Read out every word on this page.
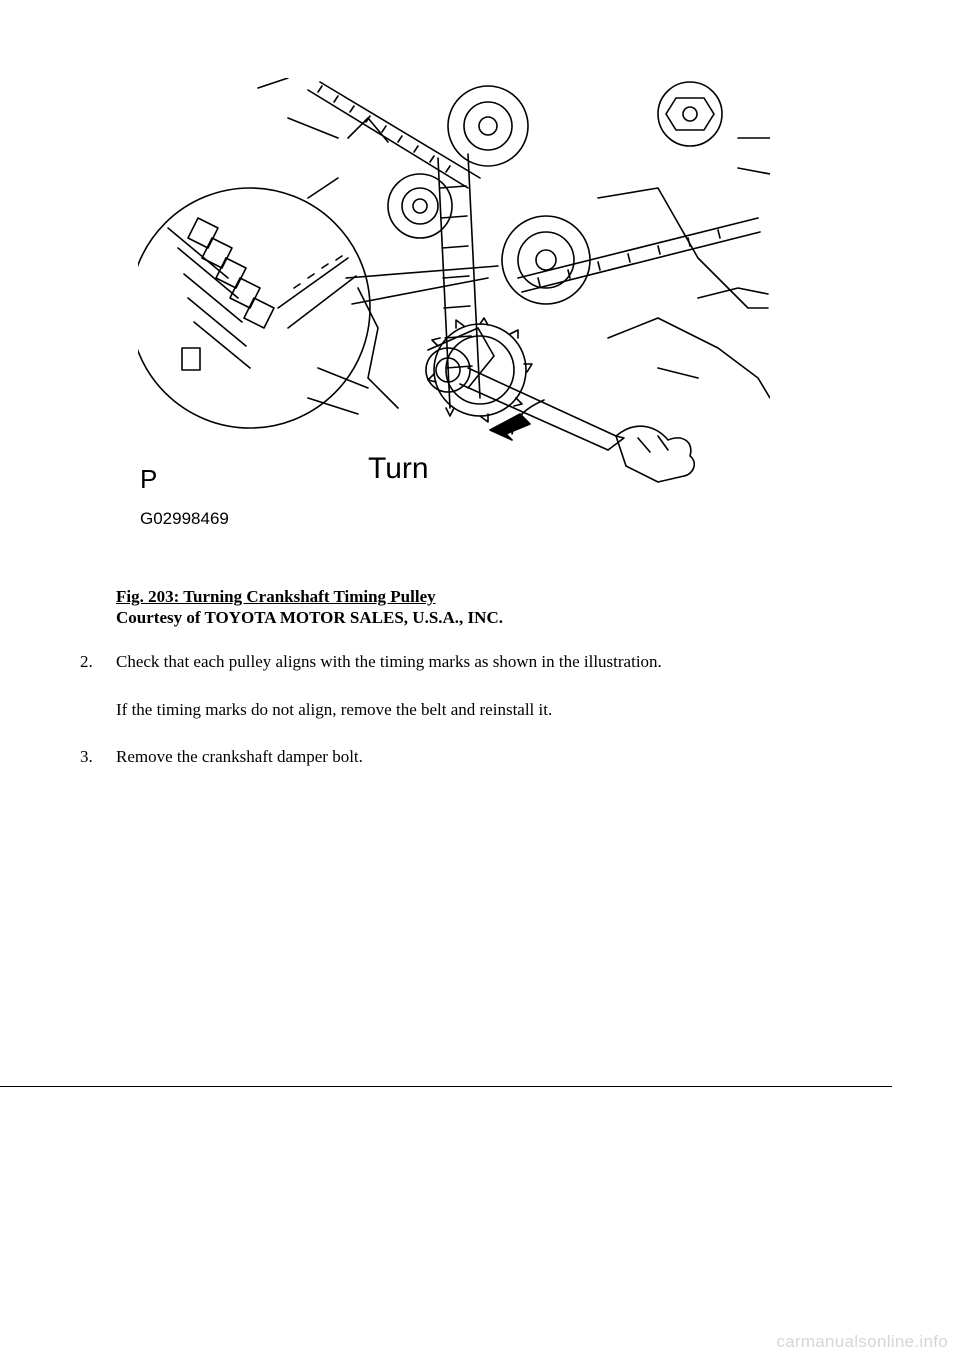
Turn
P
G02998469
Fig. 203: Turning Crankshaft Timing Pulley
Courtesy of TOYOTA MOTOR SALES, U.S.A., INC.
2. Check that each pulley aligns with the timing marks as shown in the illustration.
If the timing marks do not align, remove the belt and reinstall it.
3. Remove the crankshaft damper bolt.
carmanualsonline.info
